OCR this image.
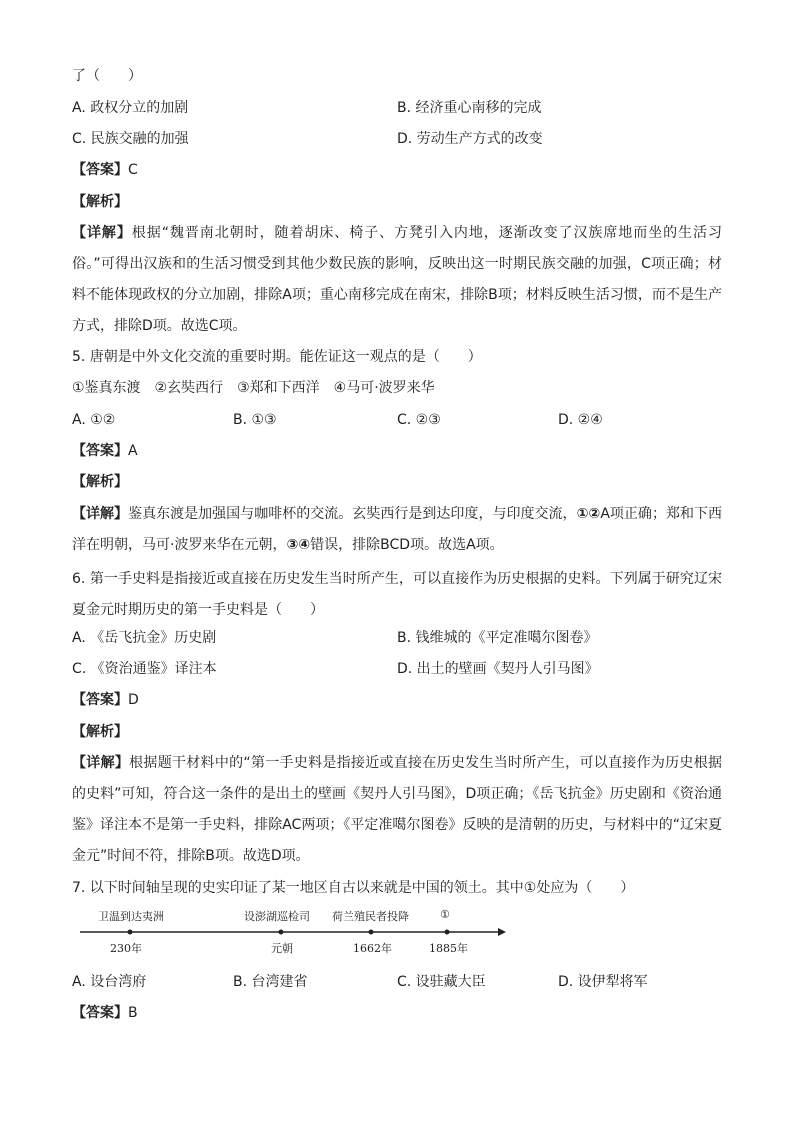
了（　　）
A. 政权分立的加剧	B. 经济重心南移的完成
C. 民族交融的加强	D. 劳动生产方式的改变
【答案】C
【解析】
【详解】根据“魏晋南北朝时，随着胡床、椅子、方凳引入内地，逐渐改变了汉族席地而坐的生活习俗。”可得出汉族和的生活习惯受到其他少数民族的影响，反映出这一时期民族交融的加强，C项正确；材料不能体现政权的分立加剧，排除A项；重心南移完成在南宋，排除B项；材料反映生活习惯，而不是生产方式，排除D项。故选C项。
5. 唐朝是中外文化交流的重要时期。能佐证这一观点的是（　　）
①鉴真东渡　②玄奘西行　③郑和下西洋　④马可·波罗来华
A. ①②	B. ①③	C. ②③	D. ②④
【答案】A
【解析】
【详解】鉴真东渡是加强国与咖啡杯的交流。玄奘西行是到达印度，与印度交流，①②A项正确；郑和下西洋在明朝，马可·波罗来华在元朝，③④错误，排除BCD项。故选A项。
6. 第一手史料是指接近或直接在历史发生当时所产生，可以直接作为历史根据的史料。下列属于研究辽宋夏金元时期历史的第一手史料是（　　）
A. 《岳飞抗金》历史剧	B. 钱维城的《平定准噶尔图卷》
C. 《资治通鉴》译注本	D. 出土的壁画《契丹人引马图》
【答案】D
【解析】
【详解】根据题干材料中的“第一手史料是指接近或直接在历史发生当时所产生，可以直接作为历史根据的史料”可知，符合这一条件的是出土的壁画《契丹人引马图》，D项正确；《岳飞抗金》历史剧和《资治通鉴》译注本不是第一手史料，排除AC两项；《平定准噶尔图卷》反映的是清朝的历史，与材料中的“辽宋夏金元”时间不符，排除B项。故选D项。
7. 以下时间轴呈现的史实印证了某一地区自古以来就是中国的领土。其中①处应为（　　）
卫温到达夷洲	设澎湖巡检司 荷兰殖民者投降	①
230年	元朝	1662年	1885年
A. 设台湾府	B. 台湾建省	C. 设驻藏大臣	D. 设伊犁将军
【答案】B
